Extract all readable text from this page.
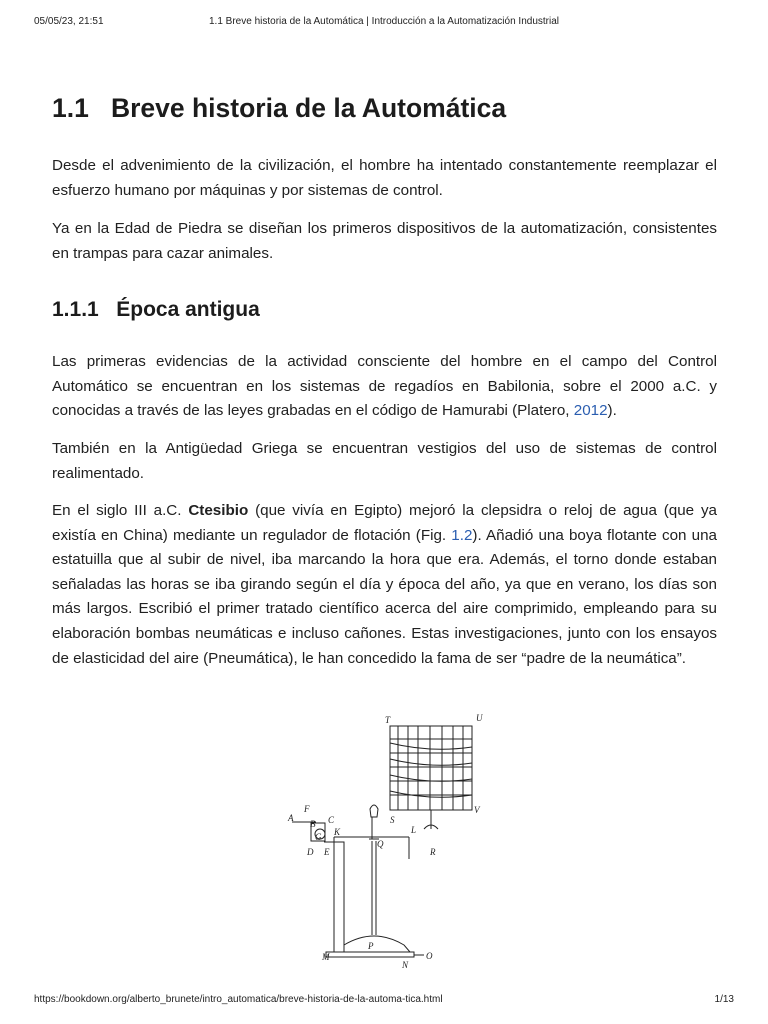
05/05/23, 21:51	1.1 Breve historia de la Automática | Introducción a la Automatización Industrial
1.1 Breve historia de la Automática

Desde el advenimiento de la civilización, el hombre ha intentado constantemente reemplazar el esfuerzo humano por máquinas y por sistemas de control.

Ya en la Edad de Piedra se diseñan los primeros dispositivos de la automatización, consistentes en trampas para cazar animales.

1.1.1 Época antigua

Las primeras evidencias de la actividad consciente del hombre en el campo del Control Automático se encuentran en los sistemas de regadíos en Babilonia, sobre el 2000 a.C. y conocidas a través de las leyes grabadas en el código de Hamurabi (Platero, 2012).

También en la Antigüedad Griega se encuentran vestigios del uso de sistemas de control realimentado.

En el siglo III a.C. Ctesibio (que vivía en Egipto) mejoró la clepsidra o reloj de agua (que ya existía en China) mediante un regulador de flotación (Fig. 1.2). Añadió una boya flotante con una estatuilla que al subir de nivel, iba marcando la hora que era. Además, el torno donde estaban señaladas las horas se iba girando según el día y época del año, ya que en verano, los días son más largos. Escribió el primer tratado científico acerca del aire comprimido, empleando para su elaboración bombas neumáticas e incluso cañones. Estas investigaciones, junto con los ensayos de elasticidad del aire (Pneumática), le han concedido la fama de ser “padre de la neumática”.

T	U
F
A
B C
G K
S
L
V
D E
Q
R
P
M
N
O
https://bookdown.org/alberto_brunete/intro_automatica/breve-historia-de-la-automa-tica.html	1/13
